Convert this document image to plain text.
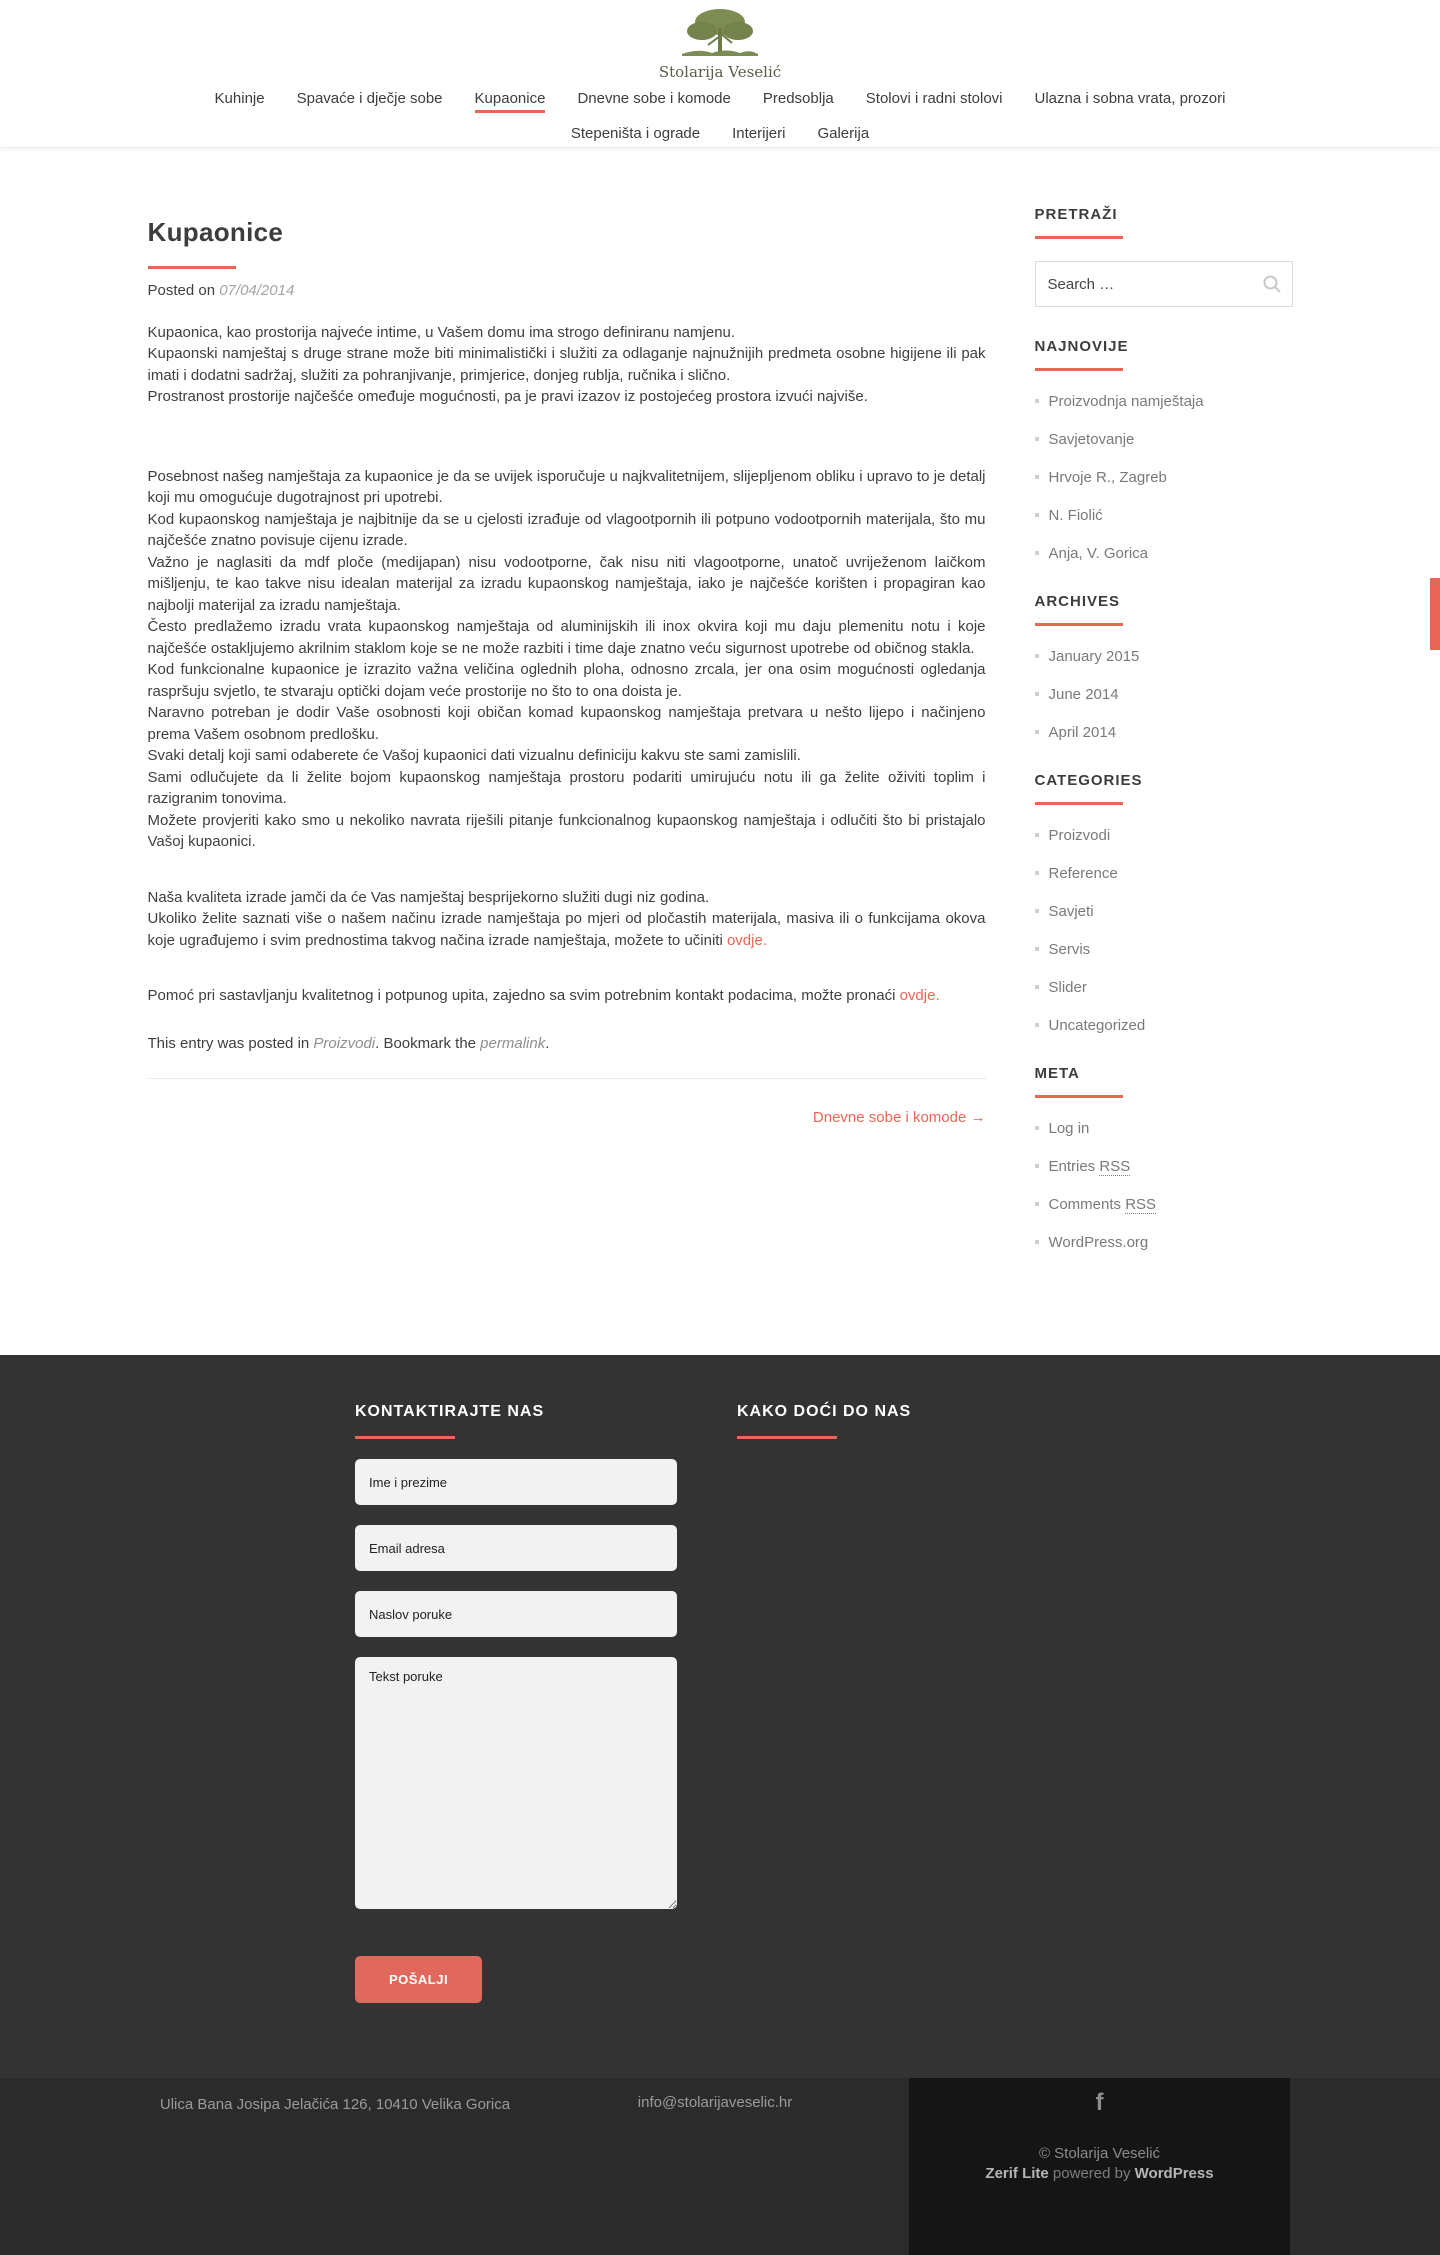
Stolarija Veselić
Kuhinje Spavaće i dječje sobe Kupaonice Dnevne sobe i komode Predsoblja Stolovi i radni stolovi Ulazna i sobna vrata, prozori
Stepeništa i ograde Interijeri Galerija
Kupaonice
Posted on 07/04/2014

Kupaonica, kao prostorija najveće intime, u Vašem domu ima strogo definiranu namjenu.

Kupaonski namještaj s druge strane može biti minimalistički i služiti za odlaganje najnužnijih predmeta osobne higijene ili pak imati i dodatni sadržaj, služiti za pohranjivanje, primjerice, donjeg rublja, ručnika i slično.

Prostranost prostorije najčešće omeđuje mogućnosti, pa je pravi izazov iz postojećeg prostora izvući najviše.

Posebnost našeg namještaja za kupaonice je da se uvijek isporučuje u najkvalitetnijem, slijepljenom obliku i upravo to je detalj koji mu omogućuje dugotrajnost pri upotrebi.

Kod kupaonskog namještaja je najbitnije da se u cjelosti izrađuje od vlagootpornih ili potpuno vodootpornih materijala, što mu najčešće znatno povisuje cijenu izrade.

Važno je naglasiti da mdf ploče (medijapan) nisu vodootporne, čak nisu niti vlagootporne, unatoč uvriježenom laičkom mišljenju, te kao takve nisu idealan materijal za izradu kupaonskog namještaja, iako je najčešće korišten i propagiran kao najbolji materijal za izradu namještaja.

Često predlažemo izradu vrata kupaonskog namještaja od aluminijskih ili inox okvira koji mu daju plemenitu notu i koje najčešće ostakljujemo akrilnim staklom koje se ne može razbiti i time daje znatno veću sigurnost upotrebe od običnog stakla.

Kod funkcionalne kupaonice je izrazito važna veličina oglednih ploha, odnosno zrcala, jer ona osim mogućnosti ogledanja raspršuju svjetlo, te stvaraju optički dojam veće prostorije no što to ona doista je.

Naravno potreban je dodir Vaše osobnosti koji običan komad kupaonskog namještaja pretvara u nešto lijepo i načinjeno prema Vašem osobnom predlošku.

Svaki detalj koji sami odaberete će Vašoj kupaonici dati vizualnu definiciju kakvu ste sami zamislili.

Sami odlučujete da li želite bojom kupaonskog namještaja prostoru podariti umirujuću notu ili ga želite oživiti toplim i razigranim tonovima.

Možete provjeriti kako smo u nekoliko navrata riješili pitanje funkcionalnog kupaonskog namještaja i odlučiti što bi pristajalo Vašoj kupaonici.

Naša kvaliteta izrade jamči da će Vas namještaj besprijekorno služiti dugi niz godina.

Ukoliko želite saznati više o našem načinu izrade namještaja po mjeri od pločastih materijala, masiva ili o funkcijama okova koje ugrađujemo i svim prednostima takvog načina izrade namještaja, možete to učiniti ovdje.

Pomoć pri sastavljanju kvalitetnog i potpunog upita, zajedno sa svim potrebnim kontakt podacima, možte pronaći ovdje.

This entry was posted in Proizvodi. Bookmark the permalink.

Dnevne sobe i komode →
PRETRAŽI
Search …
NAJNOVIJE
Proizvodnja namještaja
Savjetovanje
Hrvoje R., Zagreb
N. Fiolić
Anja, V. Gorica
ARCHIVES
January 2015
June 2014
April 2014
CATEGORIES
Proizvodi
Reference
Savjeti
Servis
Slider
Uncategorized
META
Log in
Entries RSS
Comments RSS
WordPress.org
KONTAKTIRAJTE NAS
Ime i prezime Email adresa Naslov poruke Tekst poruke POŠALJI
KAKO DOĆI DO NAS
Ulica Bana Josipa Jelačića 126, 10410 Velika Gorica	info@stolarijaveselic.hr	f
© Stolarija Veselić
Zerif Lite powered by WordPress
